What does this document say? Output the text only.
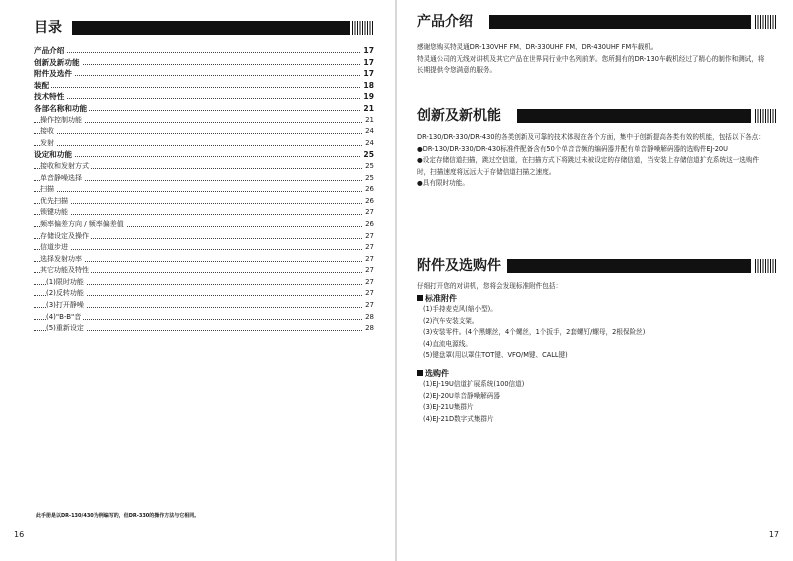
目录
产品介绍	17
创新及新功能	17
附件及选件	17
装配	18
技术特性	19
各部名称和功能	21
操作控制功能	21
接收	24
发射	24
设定和功能	25
接收和发射方式	25
单音静噪选择	25
扫描	26
优先扫描	26
锁键功能	27
频率偏差方向 / 频率偏差值	26
存储设定及操作	27
信道步进	27
选择发射功率	27
其它功能及特性	27
(1)限时功能	27
(2)反转功能	27
(3)打开静噪	27
(4)"B-B"音	28
(5)重新设定	28
此手册是以DR-130/430为例编写的，但DR-330的操作方法与它相同。
16
产品介绍

感谢您购买特灵通DR-130VHF FM、DR-330UHF FM、DR-430UHF FM车载机。

特灵通公司的无线对讲机及其它产品在世界同行业中名列前茅。您所拥有的DR-130车载机经过了精心的制作和测试，将长期提供令您满意的服务。

创新及新机能

DR-130/DR-330/DR-430的各类创新及可靠的技术体现在各个方面，集中于创新提高各类有效的机能，包括以下各点：

●DR-130/DR-330/DR-430标准件配备含有50个单音音频的编码器并配有单音静噪解码器的选购件EJ-20U

●设定存储信道扫描，跳过空信道，在扫描方式下将跳过未被设定的存储信道，当安装上存储信道扩充系统这一选购件时，扫描速度将远远大于存储信道扫描之速度。

●具有限时功能。

附件及选购件

仔细打开您的对讲机，您将会发现标准附件包括：

标准附件

(1)手持麦克风(缩小型)。

(2)汽车安装支架。

(3)安装零件。(4个黑螺丝，4个螺丝，1个扳手，2套螺钉/螺母，2根保险丝)

(4)直流电源线。

(5)键盘罩(用以罩住TOT键、VFO/M键、CALL键)

选购件

(1)EJ-19U信道扩展系统(100信道)

(2)EJ-20U单音静噪解码器

(3)EJ-21U集群片

(4)EJ-21D数字式集群片

17
